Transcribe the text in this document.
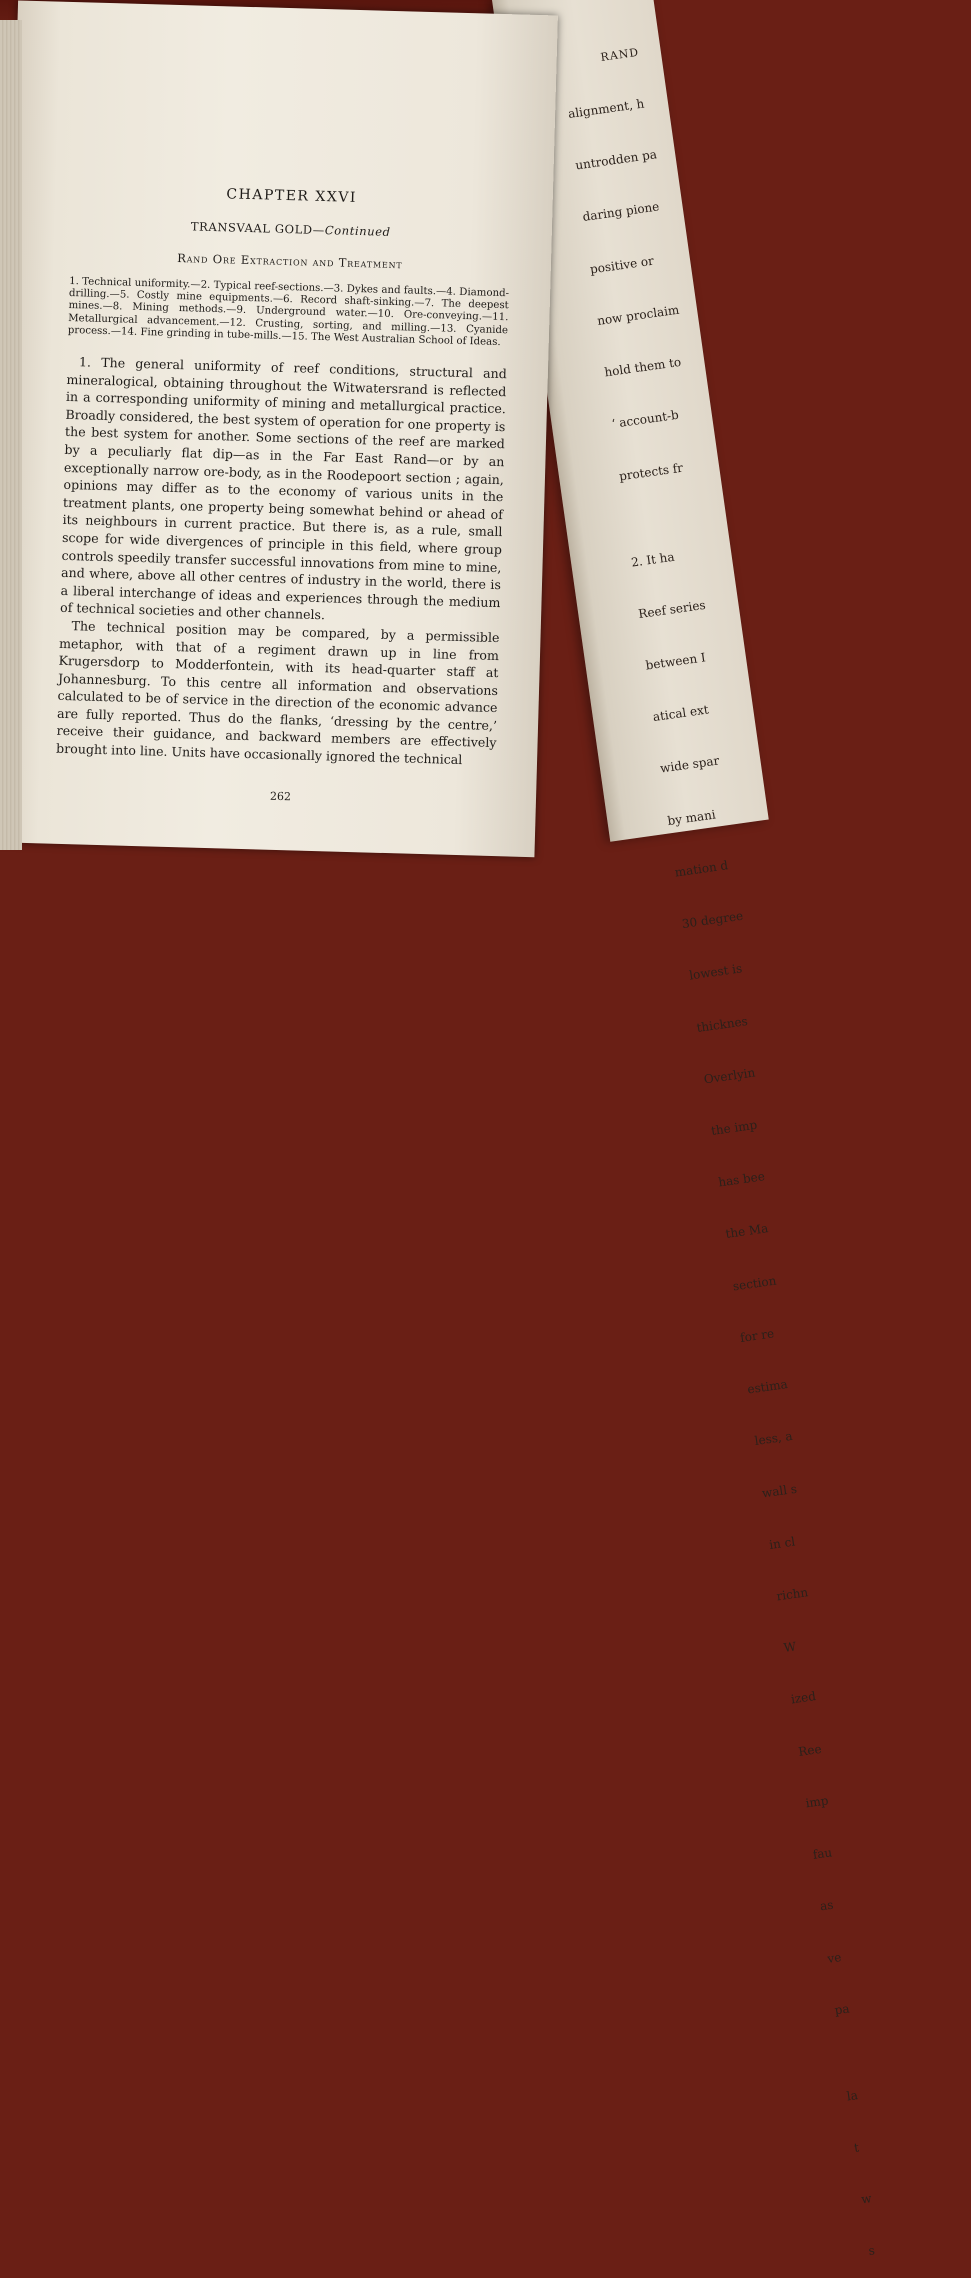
RAND

alignment, h

untrodden pa

daring pione

positive or

now proclaim

hold them to

‘ account-b

protects fr

2. It ha

Reef series

between I

atical ext

wide spar

by mani

mation d

30 degree

lowest is

thicknes

Overlyin

the imp

has bee

the Ma

section

for re

estima

less, a

wall s

in cl

richn

W

ized

Ree

imp

fau

as

ve

pa

la

t

w

s

CHAPTER XXVI

TRANSVAAL GOLD—Continued

Rand Ore Extraction and Treatment

1. Technical uniformity.—2. Typical reef-sections.—3. Dykes and faults.—4. Diamond-drilling.—5. Costly mine equipments.—6. Record shaft-sinking.—7. The deepest mines.—8. Mining methods.—9. Underground water.—10. Ore-conveying.—11. Metallurgical advancement.—12. Crusting, sorting, and milling.—13. Cyanide process.—14. Fine grinding in tube-mills.—15. The West Australian School of Ideas.

1. The general uniformity of reef conditions, structural and mineralogical, obtaining throughout the Witwatersrand is reflected in a corresponding uniformity of mining and metallurgical practice. Broadly considered, the best system of operation for one property is the best system for another. Some sections of the reef are marked by a peculiarly flat dip—as in the Far East Rand—or by an exceptionally narrow ore-body, as in the Roodepoort section ; again, opinions may differ as to the economy of various units in the treatment plants, one property being somewhat behind or ahead of its neighbours in current practice. But there is, as a rule, small scope for wide divergences of principle in this field, where group controls speedily transfer successful innovations from mine to mine, and where, above all other centres of industry in the world, there is a liberal interchange of ideas and experiences through the medium of technical societies and other channels.

The technical position may be compared, by a permissible metaphor, with that of a regiment drawn up in line from Krugersdorp to Modderfontein, with its head-quarter staff at Johannesburg. To this centre all information and observations calculated to be of service in the direction of the economic advance are fully reported. Thus do the flanks, ‘dressing by the centre,’ receive their guidance, and backward members are effectively brought into line. Units have occasionally ignored the technical

262
